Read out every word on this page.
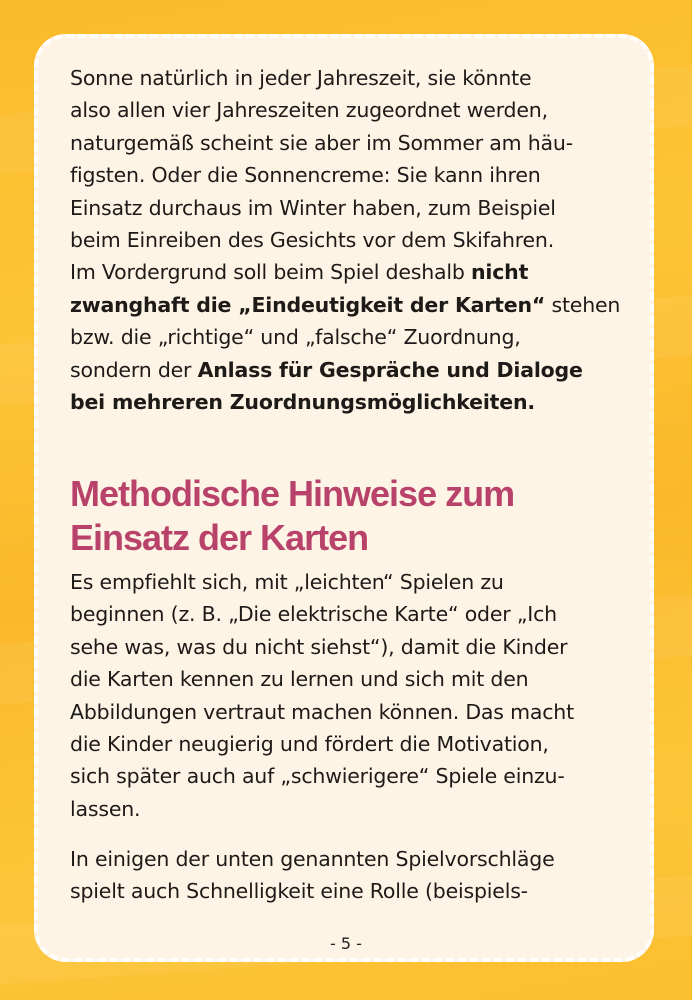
Sonne natürlich in jeder Jahreszeit, sie könnte

also allen vier Jahreszeiten zugeordnet werden,

naturgemäß scheint sie aber im Sommer am häu-

figsten. Oder die Sonnencreme: Sie kann ihren

Einsatz durchaus im Winter haben, zum Beispiel

beim Einreiben des Gesichts vor dem Skifahren.

Im Vordergrund soll beim Spiel deshalb nicht

zwanghaft die „Eindeutigkeit der Karten“ stehen

bzw. die „richtige“ und „falsche“ Zuordnung,

sondern der Anlass für Gespräche und Dialoge

bei mehreren Zuordnungsmöglichkeiten.

Methodische Hinweise zum

Einsatz der Karten

Es empfiehlt sich, mit „leichten“ Spielen zu

beginnen (z. B. „Die elektrische Karte“ oder „Ich

sehe was, was du nicht siehst“), damit die Kinder

die Karten kennen zu lernen und sich mit den

Abbildungen vertraut machen können. Das macht

die Kinder neugierig und fördert die Motivation,

sich später auch auf „schwierigere“ Spiele einzu-

lassen.

In einigen der unten genannten Spielvorschläge

spielt auch Schnelligkeit eine Rolle (beispiels-

- 5 -
